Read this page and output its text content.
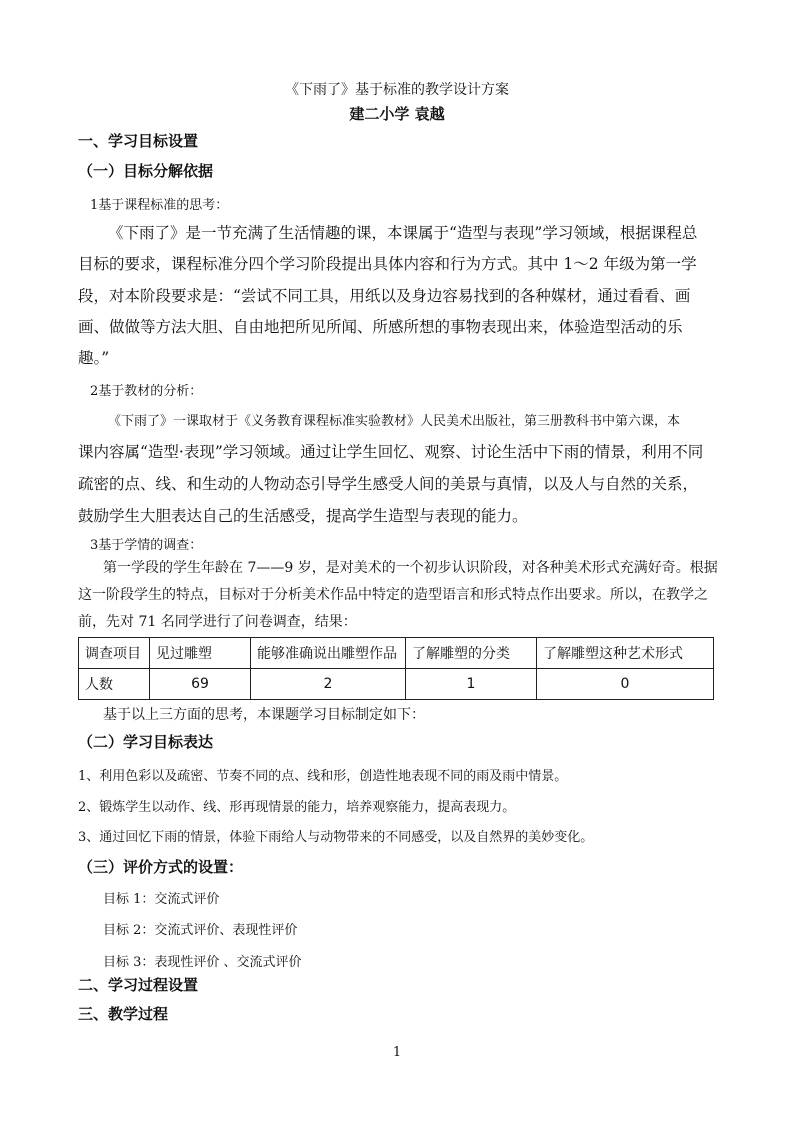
《下雨了》基于标准的教学设计方案
建二小学 袁越
一、学习目标设置
（一）目标分解依据
1基于课程标准的思考：
《下雨了》是一节充满了生活情趣的课，本课属于“造型与表现”学习领域，根据课程总
目标的要求，课程标准分四个学习阶段提出具体内容和行为方式。其中 1～2 年级为第一学
段，对本阶段要求是：“尝试不同工具，用纸以及身边容易找到的各种媒材，通过看看、画
画、做做等方法大胆、自由地把所见所闻、所感所想的事物表现出来，体验造型活动的乐
趣。”
2基于教材的分析：
《下雨了》一课取材于《义务教育课程标准实验教材》人民美术出版社，第三册教科书中第六课，本
课内容属“造型·表现”学习领域。通过让学生回忆、观察、讨论生活中下雨的情景，利用不同
疏密的点、线、和生动的人物动态引导学生感受人间的美景与真情，以及人与自然的关系，
鼓励学生大胆表达自己的生活感受，提高学生造型与表现的能力。
3基于学情的调查：
第一学段的学生年龄在 7——9 岁，是对美术的一个初步认识阶段，对各种美术形式充满好奇。根据
这一阶段学生的特点，目标对于分析美术作品中特定的造型语言和形式特点作出要求。所以，在教学之
前，先对 71 名同学进行了问卷调查，结果：
调查项目	见过雕塑	能够准确说出雕塑作品	了解雕塑的分类	了解雕塑这种艺术形式
人数	69	2	1	0
基于以上三方面的思考，本课题学习目标制定如下：
（二）学习目标表达
1、利用色彩以及疏密、节奏不同的点、线和形，创造性地表现不同的雨及雨中情景。
2、锻炼学生以动作、线、形再现情景的能力，培养观察能力，提高表现力。
3、通过回忆下雨的情景，体验下雨给人与动物带来的不同感受，以及自然界的美妙变化。
（三）评价方式的设置：
目标 1：交流式评价
目标 2：交流式评价、表现性评价
目标 3：表现性评价 、交流式评价
二、学习过程设置
三、教学过程
1
